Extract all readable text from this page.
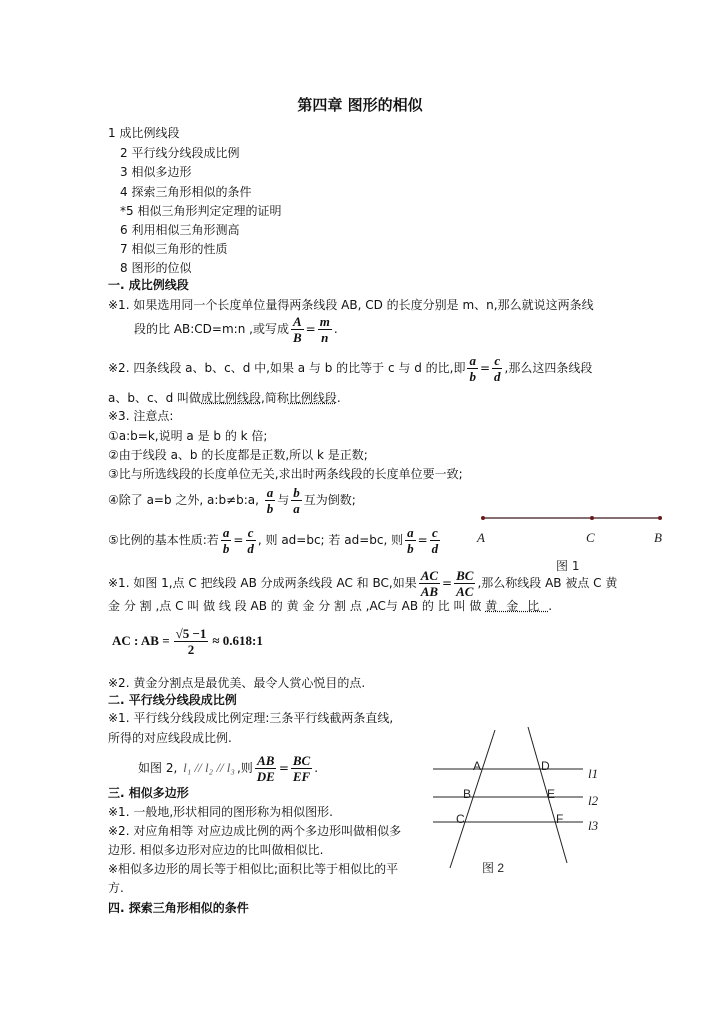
第四章 图形的相似
1 成比例线段
2 平行线分线段成比例
3 相似多边形
4 探索三角形相似的条件
*5 相似三角形判定定理的证明
6 利用相似三角形测高
7 相似三角形的性质
8 图形的位似
一. 成比例线段
※1. 如果选用同一个长度单位量得两条线段 AB, CD 的长度分别是 m、n,那么就说这两条线
段的比 AB:CD=m:n ,或写成 $\frac{A}{B} = \frac{m}{n}$ .
※2. 四条线段 a、b、c、d 中,如果 a 与 b 的比等于 c 与 d 的比,即 $\frac{a}{b} = \frac{c}{d}$ ,那么这四条线段
a、b、c、d 叫做 成比例线段 ,简称 比例线段 .
※3. 注意点:
①a:b=k,说明 a 是 b 的 k 倍;
②由于线段 a、b 的长度都是正数,所以 k 是正数;
③比与所选线段的长度单位无关,求出时两条线段的长度单位要一致;
④除了 a=b 之外, a:b≠b:a,
$\frac{a}{b}$ 与 $\frac{b}{a}$ 互为倒数;
⑤比例的基本性质:若 $\frac{a}{b} = \frac{c}{d}$ , 则 ad=bc; 若 ad=bc, 则 $\frac{a}{b} = \frac{c}{d}$
※1. 如图 1,点 C 把线段 AB 分成两条线段 AC 和 BC,如果 $\frac{AC}{AB} = \frac{BC}{AC}$ ,那么称线段 AB 被点 C 黄
金 分 割 ,点 C 叫 做 线 段 AB 的 黄 金 分 割 点 ,AC与 AB 的 比 叫 做
黄金比 .
AC : AB = $\frac{√5 -1}{2}$ ≈ 0.618:1
※2. 黄金分割点是最优美、最令人赏心悦目的点.
二. 平行线分线段成比例
※1. 平行线分线段成比例定理:三条平行线截两条直线,
所得的对应线段成比例.
如图 2,
l₁ // l₂ // l₃ ,则 $\frac{AB}{DE} = \frac{BC}{EF}$ .
三. 相似多边形
※1. 一般地,形状相同的图形称为相似图形.
※2. 对应角相等 对应边成比例的两个多边形叫做相似多
边形. 相似多边形对应边的比叫做相似比.
※相似多边形的周长等于相似比;面积比等于相似比的平
方.
四. 探索三角形相似的条件
A	C	B
图 1
A
B
C
D
E
F
l1
l2
l3
图 2
